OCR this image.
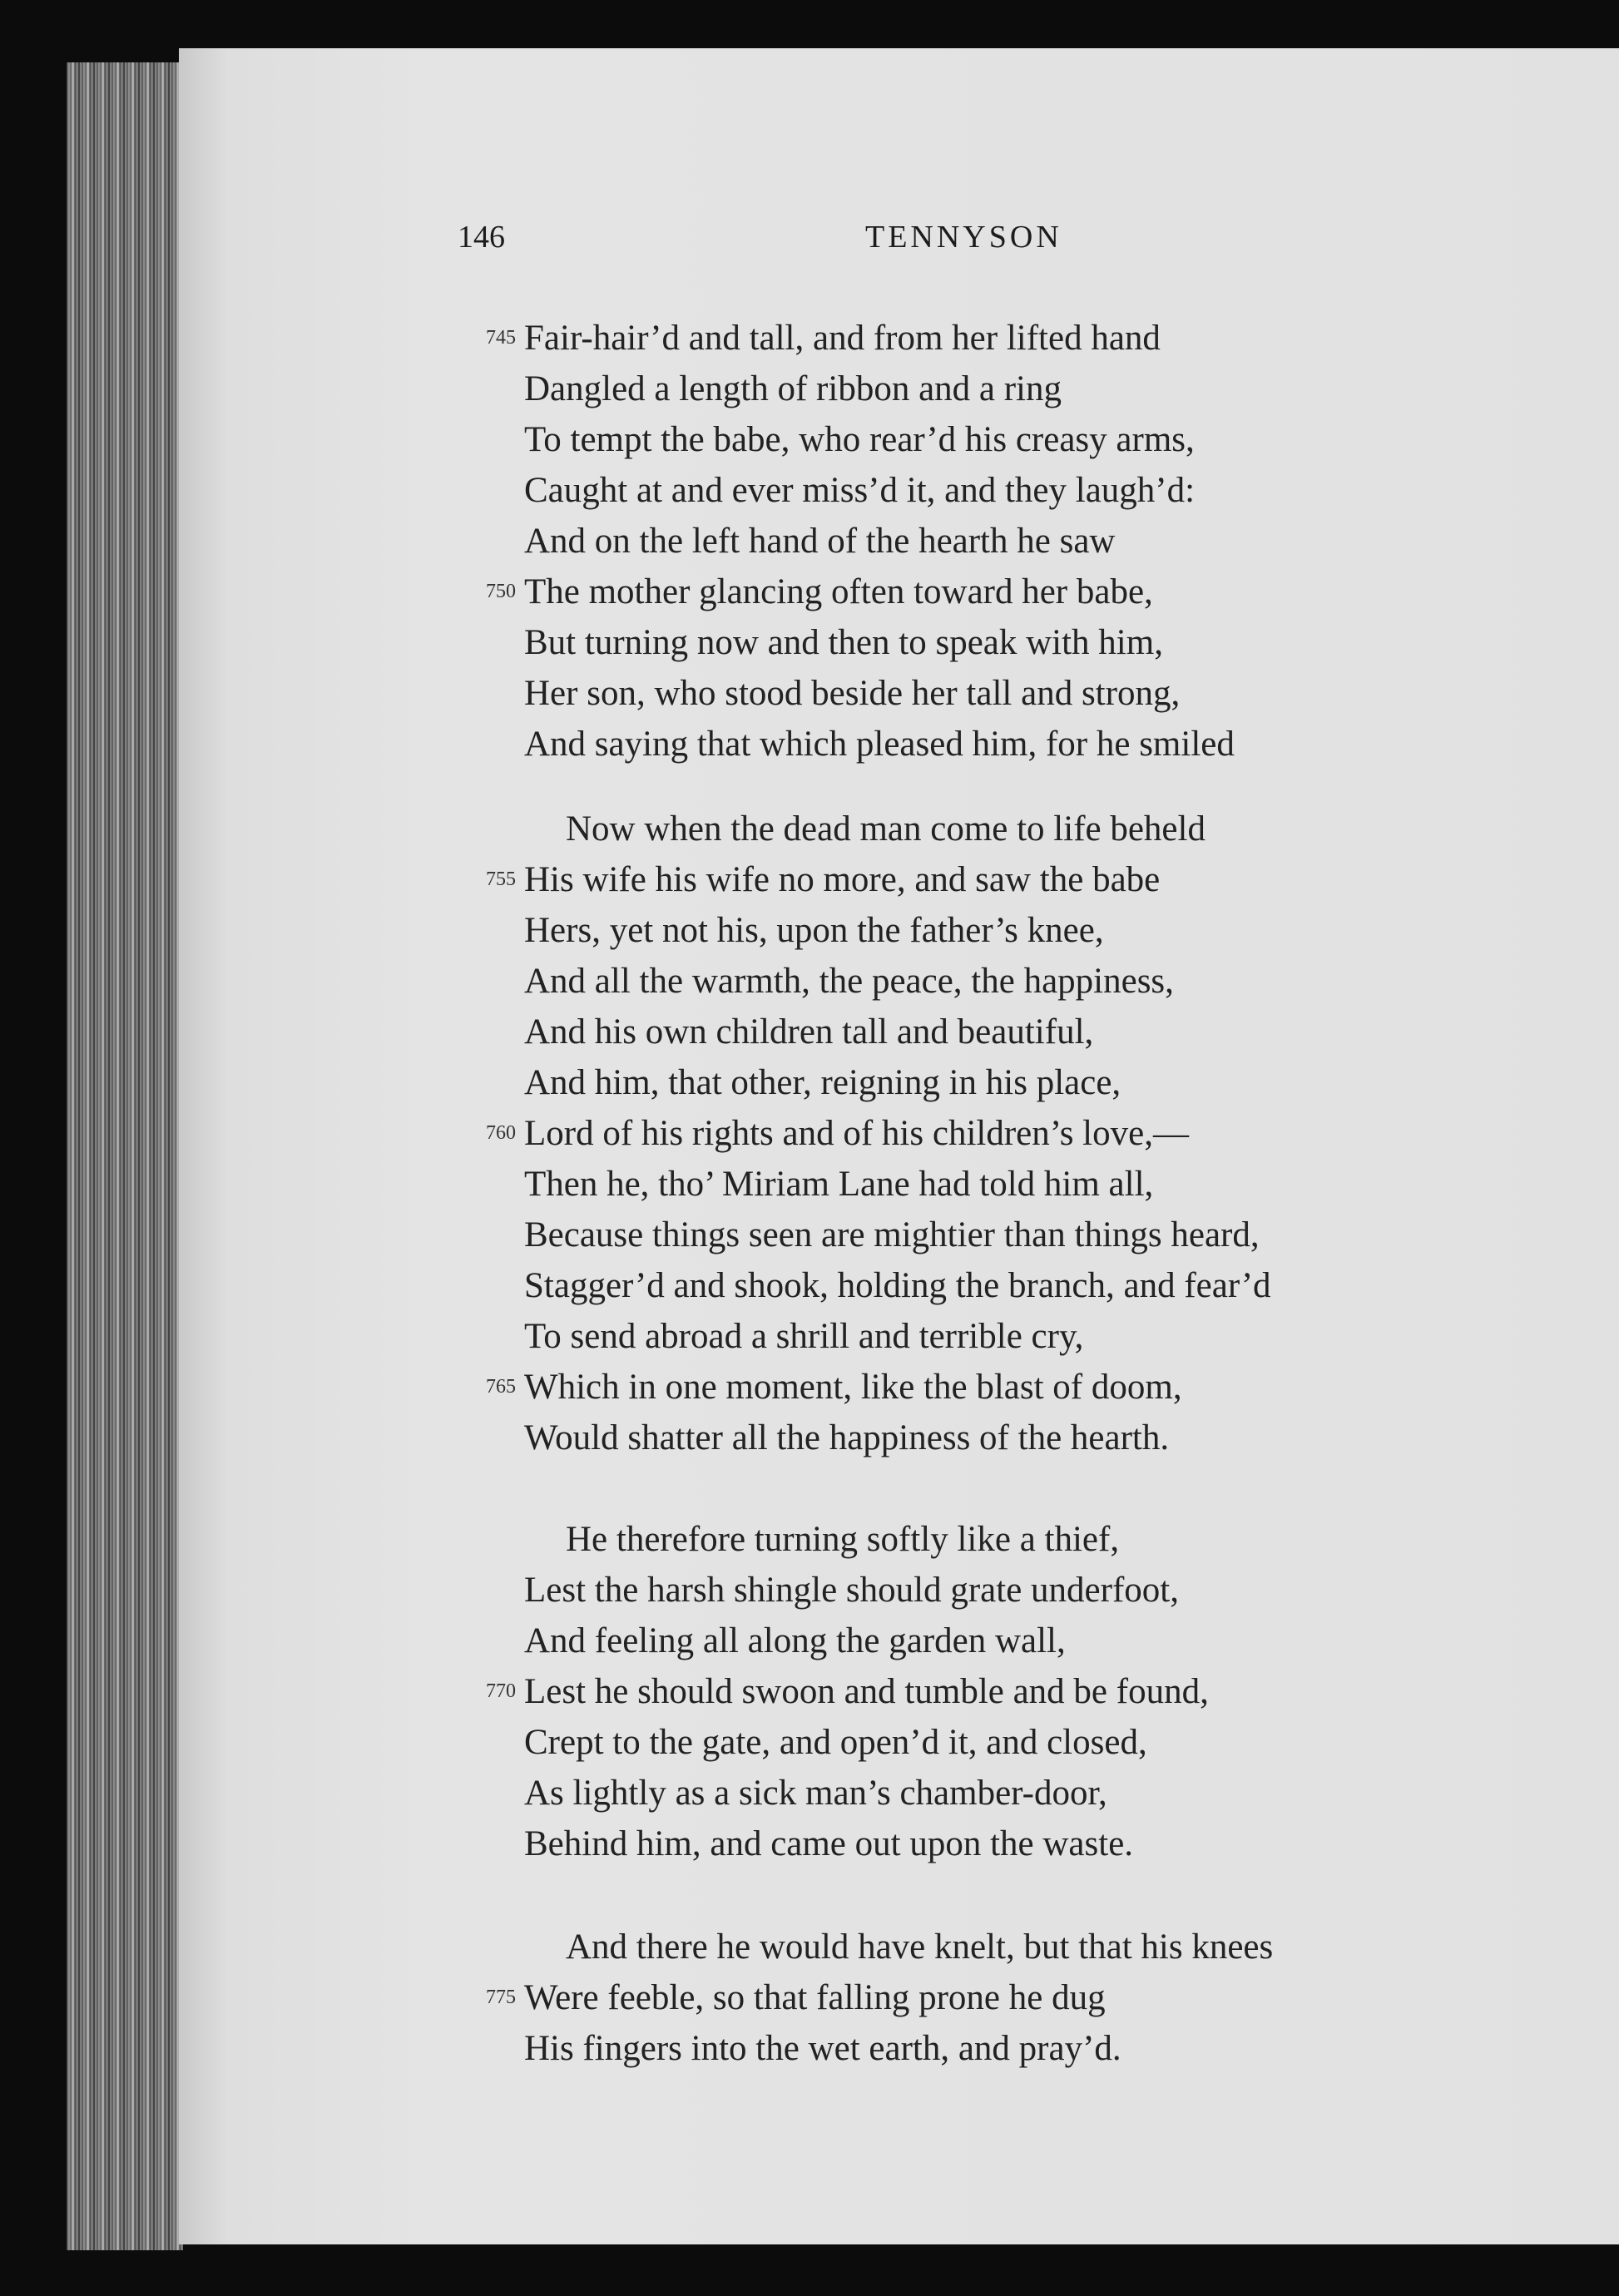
146	TENNYSON
745 Fair-hair’d and tall, and from her lifted hand
Dangled a length of ribbon and a ring
To tempt the babe, who rear’d his creasy arms,
Caught at and ever miss’d it, and they laugh’d:
And on the left hand of the hearth he saw
750 The mother glancing often toward her babe,
But turning now and then to speak with him,
Her son, who stood beside her tall and strong,
And saying that which pleased him, for he smiled
Now when the dead man come to life beheld
755 His wife his wife no more, and saw the babe
Hers, yet not his, upon the father’s knee,
And all the warmth, the peace, the happiness,
And his own children tall and beautiful,
And him, that other, reigning in his place,
760 Lord of his rights and of his children’s love,—
Then he, tho’ Miriam Lane had told him all,
Because things seen are mightier than things heard,
Stagger’d and shook, holding the branch, and fear’d
To send abroad a shrill and terrible cry,
765 Which in one moment, like the blast of doom,
Would shatter all the happiness of the hearth.
He therefore turning softly like a thief,
Lest the harsh shingle should grate underfoot,
And feeling all along the garden wall,
770 Lest he should swoon and tumble and be found,
Crept to the gate, and open’d it, and closed,
As lightly as a sick man’s chamber-door,
Behind him, and came out upon the waste.
And there he would have knelt, but that his knees
775 Were feeble, so that falling prone he dug
His fingers into the wet earth, and pray’d.
